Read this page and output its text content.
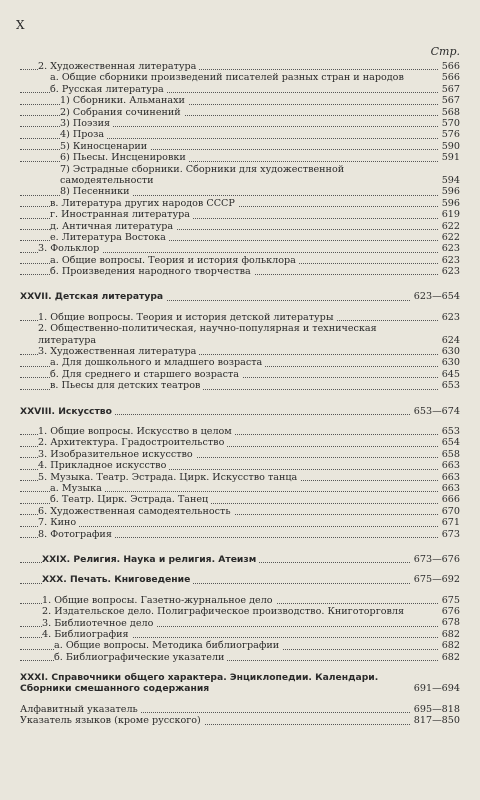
X
Стр.
2. Художественная литература	566
а. Общие сборники произведений писателей разных стран и народов	566
б. Русская литература	567
1) Сборники. Альманахи	567
2) Собрания сочинений	568
3) Поэзия	570
4) Проза	576
5) Киносценарии	590
6) Пьесы. Инсценировки	591
7) Эстрадные сборники. Сборники для художественной самодеятельности	594
8) Песенники	596
в. Литература других народов СССР	596
г. Иностранная литература	619
д. Античная литература	622
е. Литература Востока	622
3. Фольклор	623
а. Общие вопросы. Теория и история фольклора	623
б. Произведения народного творчества	623
XXVII. Детская литература	623—654
1. Общие вопросы. Теория и история детской литературы	623
2. Общественно-политическая, научно-популярная и техническая литература	624
3. Художественная литература	630
а. Для дошкольного и младшего возраста	630
б. Для среднего и старшего возраста	645
в. Пьесы для детских театров	653
XXVIII. Искусство	653—674
1. Общие вопросы. Искусство в целом	653
2. Архитектура. Градостроительство	654
3. Изобразительное искусство	658
4. Прикладное искусство	663
5. Музыка. Театр. Эстрада. Цирк. Искусство танца	663
а. Музыка	663
б. Театр. Цирк. Эстрада. Танец	666
6. Художественная самодеятельность	670
7. Кино	671
8. Фотография	673
XXIX. Религия. Наука и религия. Атеизм	673—676
XXX. Печать. Книговедение	675—692
1. Общие вопросы. Газетно-журнальное дело	675
2. Издательское дело. Полиграфическое производство. Книготорговля	676
3. Библиотечное дело	678
4. Библиография	682
а. Общие вопросы. Методика библиографии	682
б. Библиографические указатели	682
XXXI. Справочники общего характера. Энциклопедии. Календари. Сборники смешанного содержания	691—694
Алфавитный указатель	695—818
Указатель языков (кроме русского)	817—850
